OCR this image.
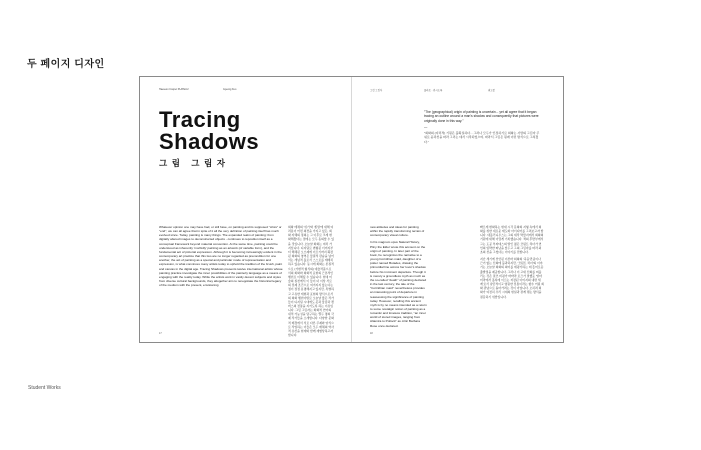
두 페이지 디자인
Haeseon Cooper PLATEAU	Gyeong Kuo
Tracing
Shadows
그림 그림자

Whatever opinion one may have had, or still have, on painting and its supposed "crisis" or "end", we can all agree that in spite of it all the very definition of painting itself has much evolved since. Today, painting is many things. The expanded realm of painting: from digitally altered images to deconstructed objects - continues to reposition itself as a conceptual framework beyond material convention. At the same time, painting could be understood as inherently 'morbidly' painting as an artwork (of variable form), and the fundamental act of pictorial expression. Although it is becoming increasingly evident in the contemporary art practice that this two are no longer regarded as precondition for one another, the act of painting as a special and particular mode of representation and expression, is what convinces many artists today to uphold the tradition of the brush, paint and canvas in the digital age. Tracing Shadows presents twelve international artists whose painting practice investigate the inner possibilities of the painterly language as a means of engaging with the reality today. While the artists work in vastly decent subjects and styles from diverse cultural backgrounds, they altogether aim to renegotiate the historical legacy of the medium with the present, envisioning

회화 매체의 '위기'와 '종말'에 대해 여러분이 어떤 의견을 가지고 있든, 회화 자체의 정의는 그 이후로 크게 변화해왔다는 점에는 모두 동의할 수 있을 것입니다. 오늘날 회화는 여러 가지입니다. 디지털로 변형된 이미지부터 해체된 오브제에 이르기까지 확장된 회화의 영역은 물질적 관습을 넘어서는 개념적 틀로서 스스로를 재배치하고 있습니다. 동시에 회화는 본질적으로 (가변적 형식의) 예술작품으로서의 회화와 회화적 표현의 근본적인 행위로 이해될 수 있습니다. 현대 미술의 실천에서 이 둘이 더 이상 서로의 전제 조건으로 여겨지지 않는다는 점이 점점 분명해지고 있지만, 특별하고 고유한 재현과 표현의 방식으로서의 회화 행위야말로 오늘날 많은 작가들이 디지털 시대에도 붓과 물감과 캔버스의 전통을 지키도록 하는 이유입니다. 그림 그림자는 회화적 언어의 내적 가능성을 탐구하는 열두 명의 국제 작가들을 소개합니다. 다양한 문화적 배경에서 서로 다른 주제와 양식으로 작업하는 이들은 모두 매체의 역사적 유산을 현재와 함께 재협상하고자 합니다.

17
그림 그림자	플라토 · 전시도록	최고봉
"The (geographical) origin of painting is uncertain... yet all agree that it began tracing an outline around a man's shadow and consequently that pictures were originally done in this way."
—
"회화의 (지리적) 기원은 불확실하다... 그러나 모두가 인정하기로 회화는 사람의 그림자 주위로 윤곽선을 따라 그리는 데서 시작되었으며, 따라서 그림은 원래 이런 방식으로 그려졌다."

new attitudes and ideas for painting within the rapidly transforming terrain of contemporary visual culture.

In his magnum opus Natural History, Pliny the Elder wrote this account on the origin of painting. In later part of the book, he recognizes the narrative to a young Corinthian maid, daughter of a potter named Butades, drawing the primordial line across her lover's shadow before his imminent departure. Though it is merely a groundless myth as much as the so-called "death" of painting declared in the last century, the tale of the "Corinthian maid" nevertheless provides an interesting point of departure in reassessing the significance of painting today. However, recalling this ancient myth is by no means intended as a return to some nostalgic notion of painting as a romantic and timeless tradition, "an inner world of stored images, ranging from Altamira to Pollock" as critic Barbara Rose once declared.

빠르게 변화하는 현대 시각 문화의 지형 속에서 회화를 위한 새로운 태도와 아이디어를 그려보고자 합니다. 대플리니우스는 그의 대작 박물지에서 회화의 기원에 대해 이렇게 기록했습니다. 책의 후반부에서 그는 도공 부타데스의 딸인 젊은 코린트 처녀가 연인의 임박한 떠남을 앞두고 그의 그림자를 따라 최초의 선을 그었다는 이야기를 전합니다.

지난 세기에 선언된 이른바 회화의 '죽음'만큼이나 근거 없는 신화에 불과하지만, '코린트 처녀'의 이야기는 오늘날 회화의 의미를 재평가하는 데 흥미로운 출발점을 제공합니다. 그러나 이 고대 신화를 떠올리는 것은 결코 비평가 바바라 로즈가 말했듯 '알타미라에서 폴록에 이르는 저장된 이미지의 내면 세계'로서 낭만적이고 영원한 전통이라는 향수 어린 회화 관념으로 돌아가려는 것이 아닙니다. 오히려 회화가 여전히 우리 시대의 현실과 관계 맺는 방식을 질문하기 위함입니다.

18
Student Works
